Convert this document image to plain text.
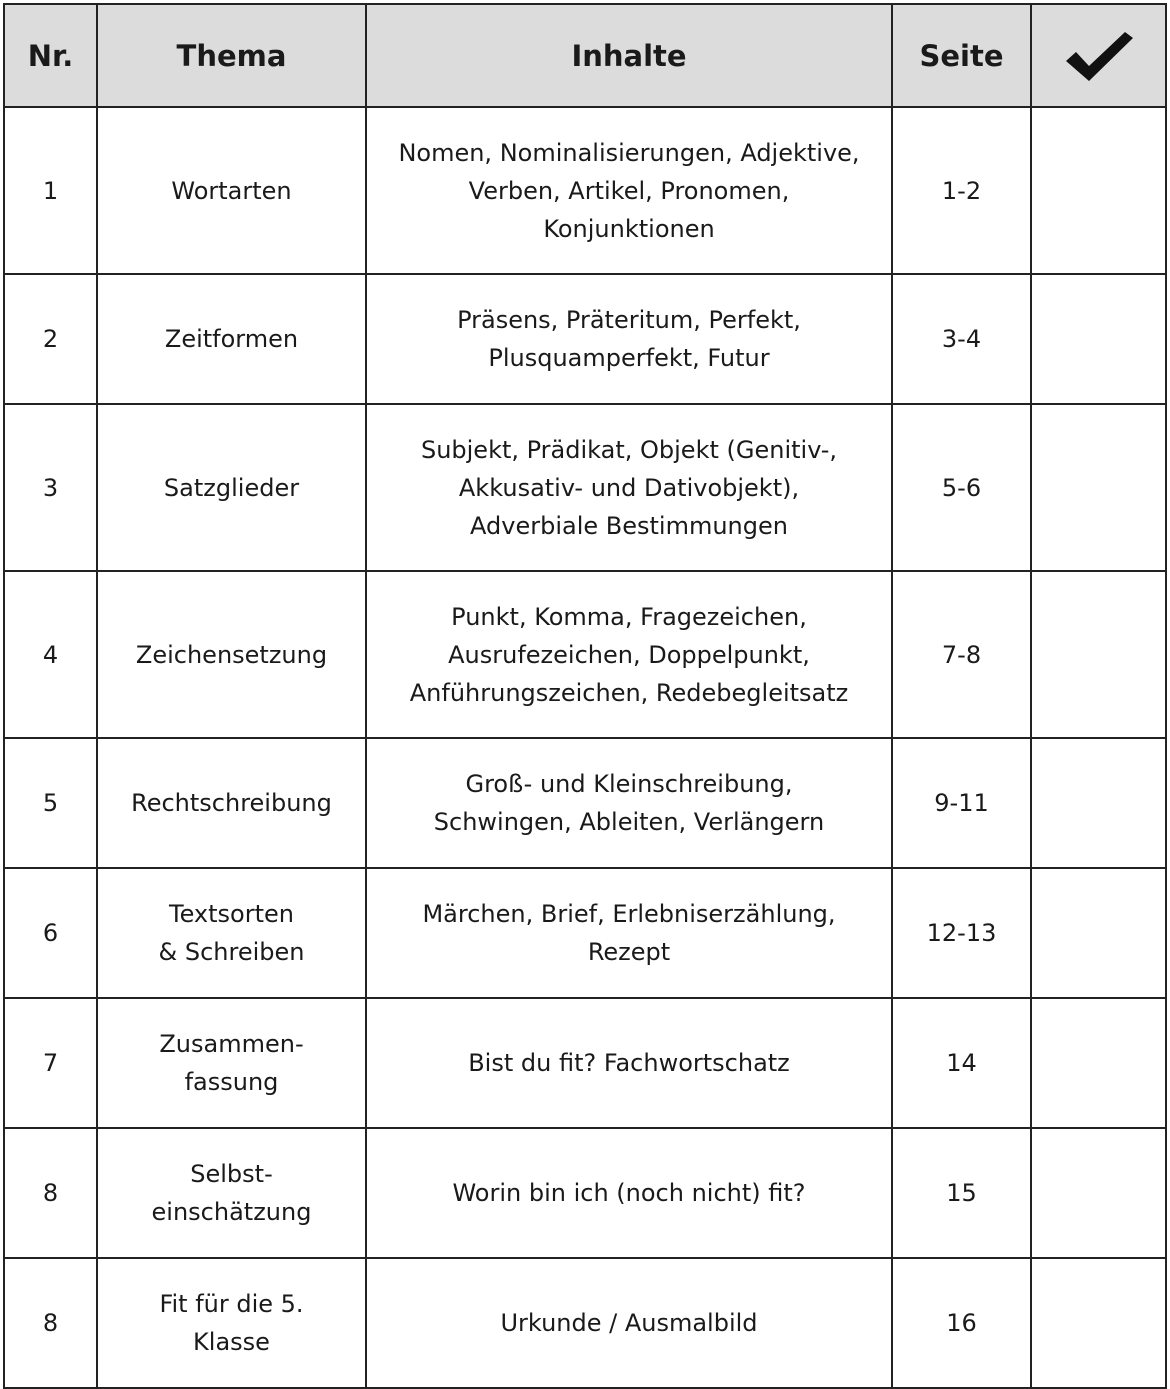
Nr.	Thema	Inhalte	Seite	

1	Wortarten	Nomen, Nominalisierungen, Adjektive,
Verben, Artikel, Pronomen,
Konjunktionen	1-2	
2	Zeitformen	Präsens, Präteritum, Perfekt,
Plusquamperfekt, Futur	3-4	
3	Satzglieder	Subjekt, Prädikat, Objekt (Genitiv-,
Akkusativ- und Dativobjekt),
Adverbiale Bestimmungen	5-6	
4	Zeichensetzung	Punkt, Komma, Fragezeichen,
Ausrufezeichen, Doppelpunkt,
Anführungszeichen, Redebegleitsatz	7-8	
5	Rechtschreibung	Groß- und Kleinschreibung,
Schwingen, Ableiten, Verlängern	9-11	
6	Textsorten
& Schreiben	Märchen, Brief, Erlebniserzählung,
Rezept	12-13	
7	Zusammen-
fassung	Bist du fit? Fachwortschatz	14	
8	Selbst-
einschätzung	Worin bin ich (noch nicht) fit?	15	
8	Fit für die 5.
Klasse	Urkunde / Ausmalbild	16	
